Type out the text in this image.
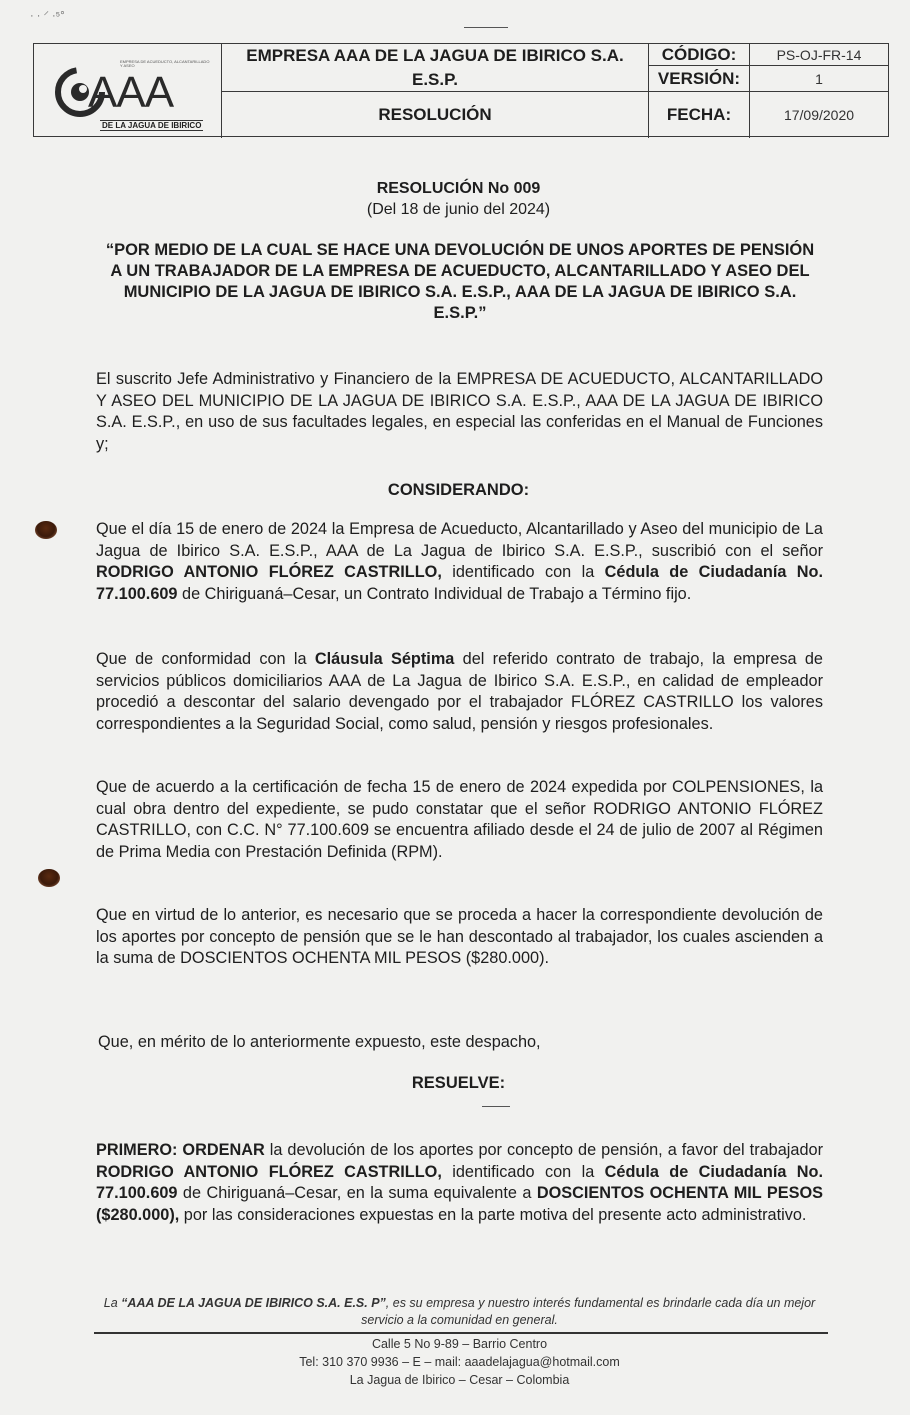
· · ⸍ ·⁵°
EMPRESA DE ACUEDUCTO, ALCANTARILLADO Y ASEO
AAA
DE LA JAGUA DE IBIRICO
EMPRESA AAA DE LA JAGUA DE IBIRICO S.A.
E.S.P.
RESOLUCIÓN
CÓDIGO:	PS-OJ-FR-14
VERSIÓN:	1
FECHA:	17/09/2020
RESOLUCIÓN No 009
(Del 18 de junio del 2024)
“POR MEDIO DE LA CUAL SE HACE UNA DEVOLUCIÓN DE UNOS APORTES DE PENSIÓN A UN TRABAJADOR DE LA EMPRESA DE ACUEDUCTO, ALCANTARILLADO Y ASEO DEL MUNICIPIO DE LA JAGUA DE IBIRICO S.A. E.S.P., AAA DE LA JAGUA DE IBIRICO S.A. E.S.P.”
El suscrito Jefe Administrativo y Financiero de la EMPRESA DE ACUEDUCTO, ALCANTARILLADO Y ASEO DEL MUNICIPIO DE LA JAGUA DE IBIRICO S.A. E.S.P., AAA DE LA JAGUA DE IBIRICO S.A. E.S.P., en uso de sus facultades legales, en especial las conferidas en el Manual de Funciones y;
CONSIDERANDO:
Que el día 15 de enero de 2024 la Empresa de Acueducto, Alcantarillado y Aseo del municipio de La Jagua de Ibirico S.A. E.S.P., AAA de La Jagua de Ibirico S.A. E.S.P., suscribió con el señor RODRIGO ANTONIO FLÓREZ CASTRILLO, identificado con la Cédula de Ciudadanía No. 77.100.609 de Chiriguaná–Cesar, un Contrato Individual de Trabajo a Término fijo.
Que de conformidad con la Cláusula Séptima del referido contrato de trabajo, la empresa de servicios públicos domiciliarios AAA de La Jagua de Ibirico S.A. E.S.P., en calidad de empleador procedió a descontar del salario devengado por el trabajador FLÓREZ CASTRILLO los valores correspondientes a la Seguridad Social, como salud, pensión y riesgos profesionales.
Que de acuerdo a la certificación de fecha 15 de enero de 2024 expedida por COLPENSIONES, la cual obra dentro del expediente, se pudo constatar que el señor RODRIGO ANTONIO FLÓREZ CASTRILLO, con C.C. N° 77.100.609 se encuentra afiliado desde el 24 de julio de 2007 al Régimen de Prima Media con Prestación Definida (RPM).
Que en virtud de lo anterior, es necesario que se proceda a hacer la correspondiente devolución de los aportes por concepto de pensión que se le han descontado al trabajador, los cuales ascienden a la suma de DOSCIENTOS OCHENTA MIL PESOS ($280.000).
Que, en mérito de lo anteriormente expuesto, este despacho,
RESUELVE:
PRIMERO: ORDENAR la devolución de los aportes por concepto de pensión, a favor del trabajador RODRIGO ANTONIO FLÓREZ CASTRILLO, identificado con la Cédula de Ciudadanía No. 77.100.609 de Chiriguaná–Cesar, en la suma equivalente a DOSCIENTOS OCHENTA MIL PESOS ($280.000), por las consideraciones expuestas en la parte motiva del presente acto administrativo.
La “AAA DE LA JAGUA DE IBIRICO S.A. E.S. P”, es su empresa y nuestro interés fundamental es brindarle cada día un mejor servicio a la comunidad en general.
Calle 5 No 9-89 – Barrio Centro
Tel: 310 370 9936 – E – mail: aaadelajagua@hotmail.com
La Jagua de Ibirico – Cesar – Colombia
